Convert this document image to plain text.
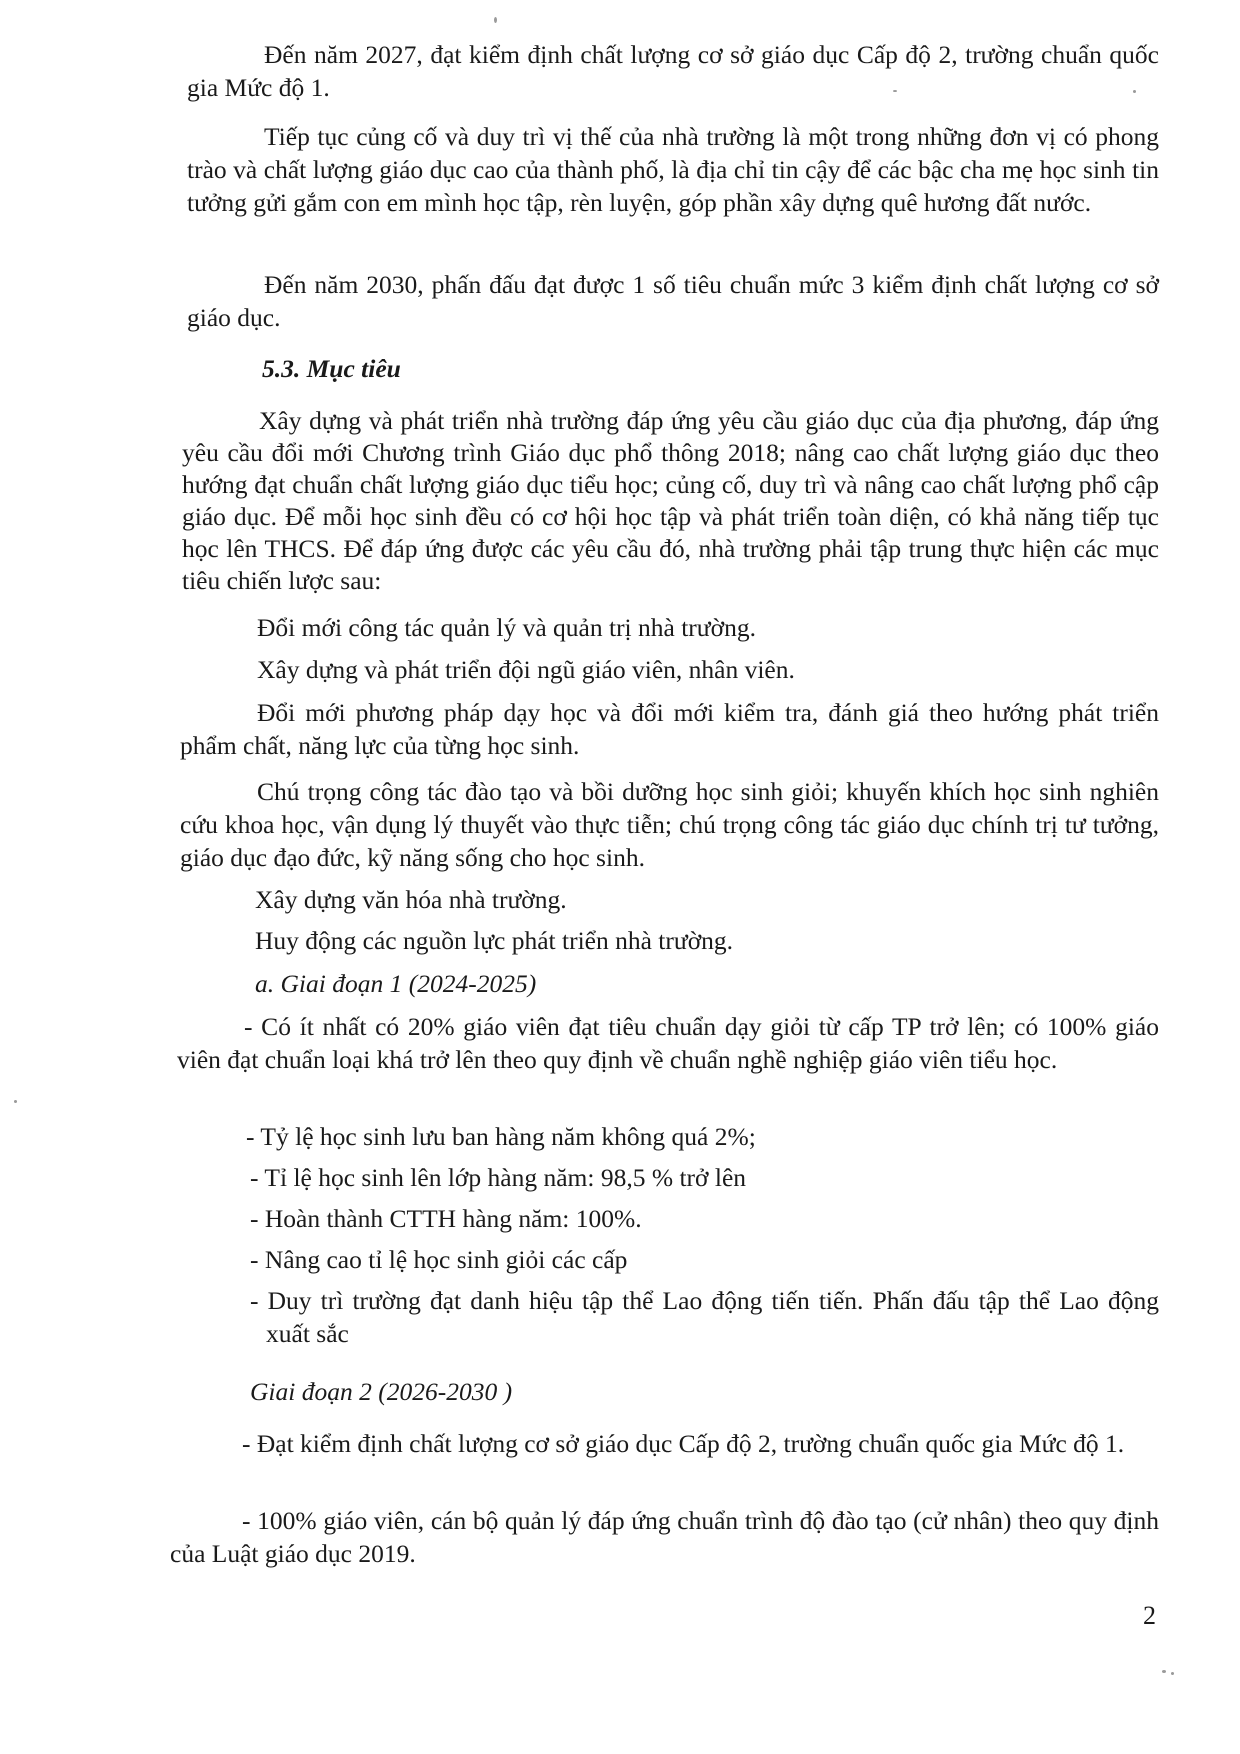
Đến năm 2027, đạt kiểm định chất lượng cơ sở giáo dục Cấp độ 2, trường chuẩn quốc gia Mức độ 1.

Tiếp tục củng cố và duy trì vị thế của nhà trường là một trong những đơn vị có phong trào và chất lượng giáo dục cao của thành phố, là địa chỉ tin cậy để các bậc cha mẹ học sinh tin tưởng gửi gắm con em mình học tập, rèn luyện, góp phần xây dựng quê hương đất nước.

Đến năm 2030, phấn đấu đạt được 1 số tiêu chuẩn mức 3 kiểm định chất lượng cơ sở giáo dục.

5.3. Mục tiêu

Xây dựng và phát triển nhà trường đáp ứng yêu cầu giáo dục của địa phương, đáp ứng yêu cầu đổi mới Chương trình Giáo dục phổ thông 2018; nâng cao chất lượng giáo dục theo hướng đạt chuẩn chất lượng giáo dục tiểu học; củng cố, duy trì và nâng cao chất lượng phổ cập giáo dục. Để mỗi học sinh đều có cơ hội học tập và phát triển toàn diện, có khả năng tiếp tục học lên THCS. Để đáp ứng được các yêu cầu đó, nhà trường phải tập trung thực hiện các mục tiêu chiến lược sau:

Đổi mới công tác quản lý và quản trị nhà trường.

Xây dựng và phát triển đội ngũ giáo viên, nhân viên.

Đổi mới phương pháp dạy học và đổi mới kiểm tra, đánh giá theo hướng phát triển phẩm chất, năng lực của từng học sinh.

Chú trọng công tác đào tạo và bồi dưỡng học sinh giỏi; khuyến khích học sinh nghiên cứu khoa học, vận dụng lý thuyết vào thực tiễn; chú trọng công tác giáo dục chính trị tư tưởng, giáo dục đạo đức, kỹ năng sống cho học sinh.

Xây dựng văn hóa nhà trường.

Huy động các nguồn lực phát triển nhà trường.

a. Giai đoạn 1 (2024-2025)

- Có ít nhất có 20% giáo viên đạt tiêu chuẩn dạy giỏi từ cấp TP trở lên; có 100% giáo viên đạt chuẩn loại khá trở lên theo quy định về chuẩn nghề nghiệp giáo viên tiểu học.

- Tỷ lệ học sinh lưu ban hàng năm không quá 2%;

- Tỉ lệ học sinh lên lớp hàng năm: 98,5 % trở lên

- Hoàn thành CTTH hàng năm: 100%.

- Nâng cao tỉ lệ học sinh giỏi các cấp

- Duy trì trường đạt danh hiệu tập thể Lao động tiến tiến. Phấn đấu tập thể Lao động xuất sắc

Giai đoạn 2 (2026-2030 )

- Đạt kiểm định chất lượng cơ sở giáo dục Cấp độ 2, trường chuẩn quốc gia Mức độ 1.

- 100% giáo viên, cán bộ quản lý đáp ứng chuẩn trình độ đào tạo (cử nhân) theo quy định của Luật giáo dục 2019.

2
